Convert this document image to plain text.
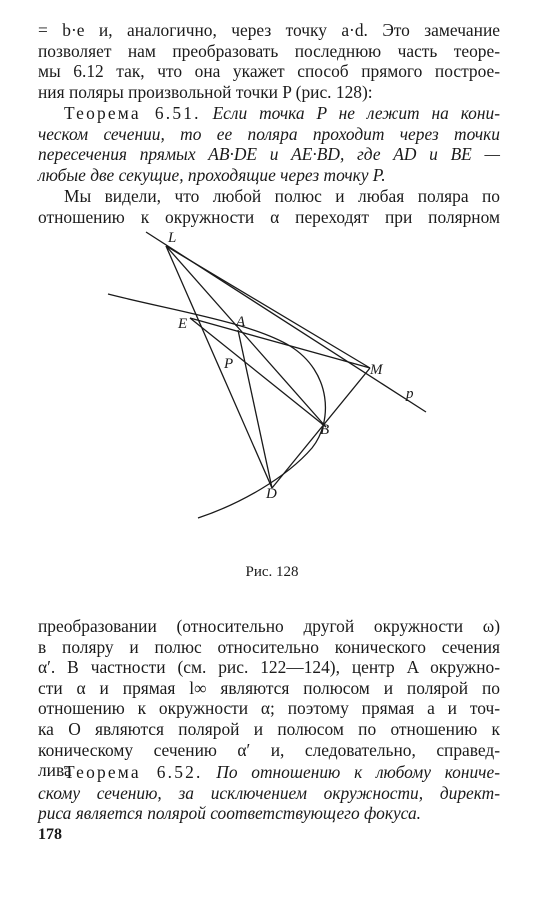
= b·e и, аналогично, через точку a·d. Это замечание
позволяет нам преобразовать последнюю часть теоре-
мы 6.12 так, что она укажет способ прямого построе-
ния поляры произвольной точки P (рис. 128):
Теорема 6.51. Если точка P не лежит на кони-
ческом сечении, то ее поляра проходит через точки
пересечения прямых AB·DE и AE·BD, где AD и BE —
любые две секущие, проходящие через точку P.
Мы видели, что любой полюс и любая поляра по
отношению к окружности α переходят при полярном
L
E	A
P	M
p
B
D
Рис. 128
преобразовании (относительно другой окружности ω)
в поляру и полюс относительно конического сечения
α′. В частности (см. рис. 122—124), центр A окружно-
сти α и прямая l∞ являются полюсом и полярой по
отношению к окружности α; поэтому прямая a и точ-
ка O являются полярой и полюсом по отношению к
коническому сечению α′ и, следовательно, справед-
лива
Теорема 6.52. По отношению к любому кониче-
скому сечению, за исключением окружности, директ-
риса является полярой соответствующего фокуса.
178
